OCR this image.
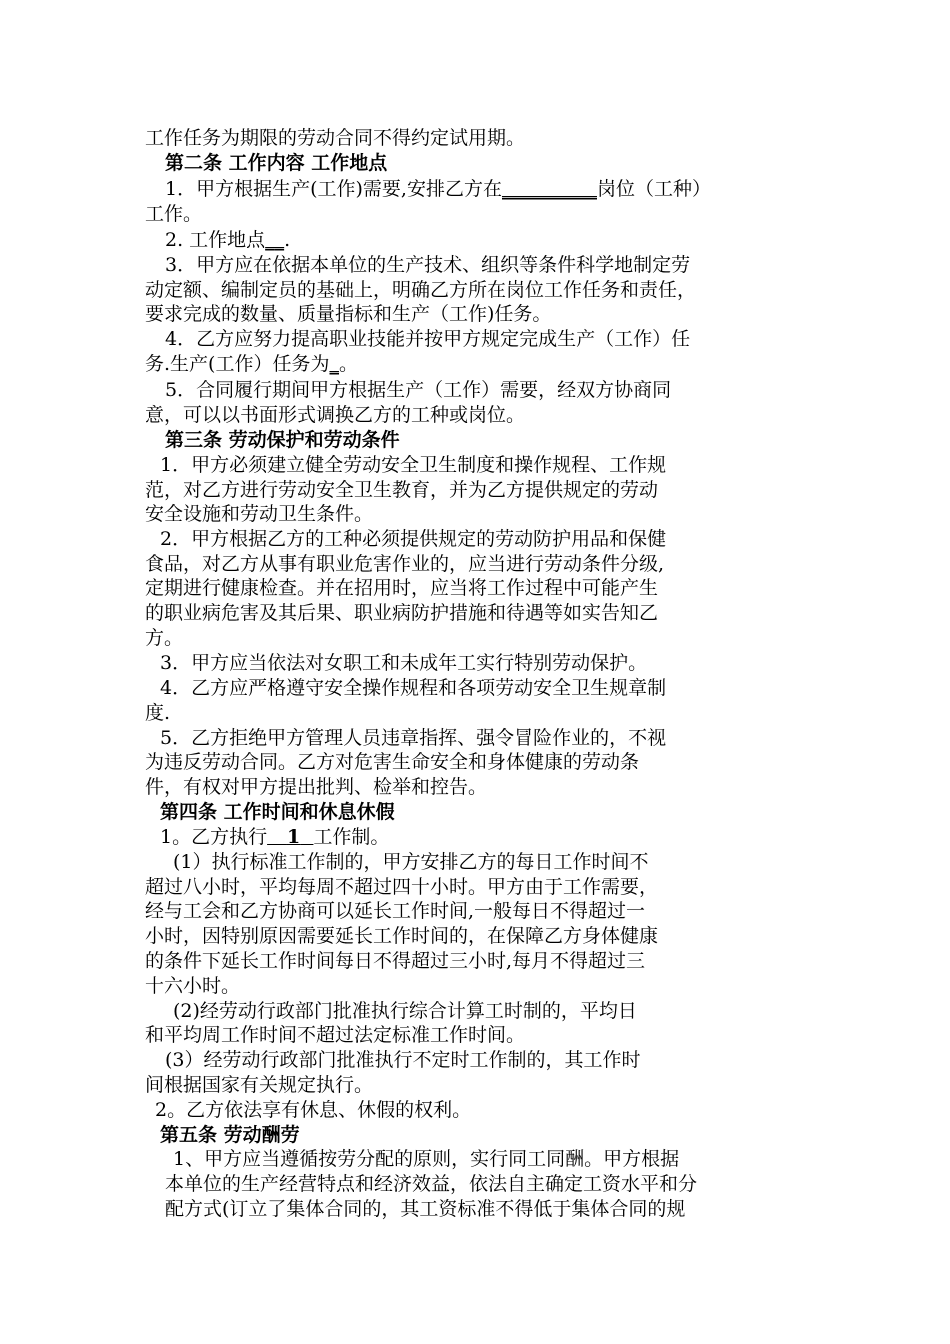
工作任务为期限的劳动合同不得约定试用期。
第二条 工作内容 工作地点
1．甲方根据生产(工作)需要,安排乙方在__________岗位（工种）
工作。
2. 工作地点__.
3．甲方应在依据本单位的生产技术、组织等条件科学地制定劳
动定额、编制定员的基础上，明确乙方所在岗位工作任务和责任，
要求完成的数量、质量指标和生产（工作)任务。
4．乙方应努力提高职业技能并按甲方规定完成生产（工作）任
务.生产(工作）任务为_。
5．合同履行期间甲方根据生产（工作）需要，经双方协商同
意，可以以书面形式调换乙方的工种或岗位。
第三条 劳动保护和劳动条件
1．甲方必须建立健全劳动安全卫生制度和操作规程、工作规
范，对乙方进行劳动安全卫生教育，并为乙方提供规定的劳动
安全设施和劳动卫生条件。
2．甲方根据乙方的工种必须提供规定的劳动防护用品和保健
食品，对乙方从事有职业危害作业的，应当进行劳动条件分级,
定期进行健康检查。并在招用时，应当将工作过程中可能产生
的职业病危害及其后果、职业病防护措施和待遇等如实告知乙
方。
3．甲方应当依法对女职工和未成年工实行特别劳动保护。
4．乙方应严格遵守安全操作规程和各项劳动安全卫生规章制
度.
5．乙方拒绝甲方管理人员违章指挥、强令冒险作业的，不视
为违反劳动合同。乙方对危害生命安全和身体健康的劳动条
件，有权对甲方提出批判、检举和控告。
第四条 工作时间和休息休假
1。乙方执行 1 工作制。
(1）执行标准工作制的，甲方安排乙方的每日工作时间不
超过八小时，平均每周不超过四十小时。甲方由于工作需要，
经与工会和乙方协商可以延长工作时间,一般每日不得超过一
小时，因特别原因需要延长工作时间的，在保障乙方身体健康
的条件下延长工作时间每日不得超过三小时,每月不得超过三
十六小时。
(2)经劳动行政部门批准执行综合计算工时制的，平均日
和平均周工作时间不超过法定标准工作时间。
(3）经劳动行政部门批准执行不定时工作制的，其工作时
间根据国家有关规定执行。
2。乙方依法享有休息、休假的权利。
第五条 劳动酬劳
1、甲方应当遵循按劳分配的原则，实行同工同酬。甲方根据
本单位的生产经营特点和经济效益，依法自主确定工资水平和分
配方式(订立了集体合同的，其工资标准不得低于集体合同的规
